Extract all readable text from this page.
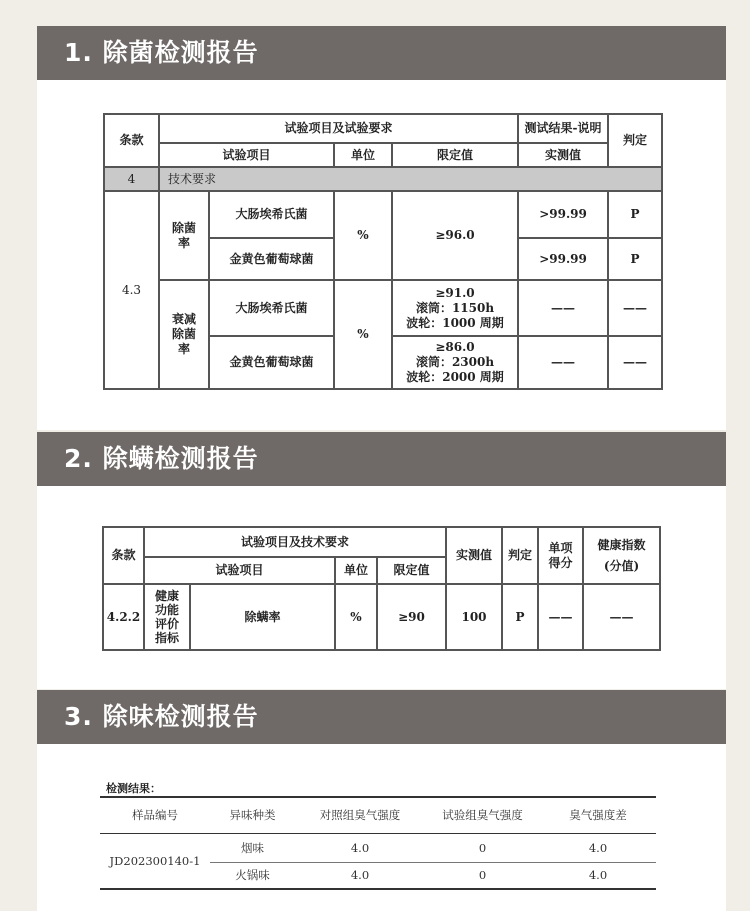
1. 除菌检测报告
条款	试验项目及试验要求				测试结果-说明	判定
	试验项目		单位	限定值	实测值	
4	技术要求					
4.3	除菌率	大肠埃希氏菌	%	≥96.0	>99.99	P
		金黄色葡萄球菌			>99.99	P
	衰减除菌率	大肠埃希氏菌	%	≥91.0
滚筒：1150h
波轮：1000 周期	——	——
		金黄色葡萄球菌		≥86.0
滚筒：2300h
波轮：2000 周期	——	——
2. 除螨检测报告
条款	试验项目及技术要求				实测值	判定	单项得分	健康指数
(分值)

	试验项目		单位	限定值				
4.2.2	健康功能评价指标	除螨率	%	≥90	100	P	——	——
3. 除味检测报告
检测结果：
样品编号	异味种类	对照组臭气强度	试验组臭气强度	臭气强度差
JD202300140-1	烟味	4.0	0	4.0
	火锅味	4.0	0	4.0
